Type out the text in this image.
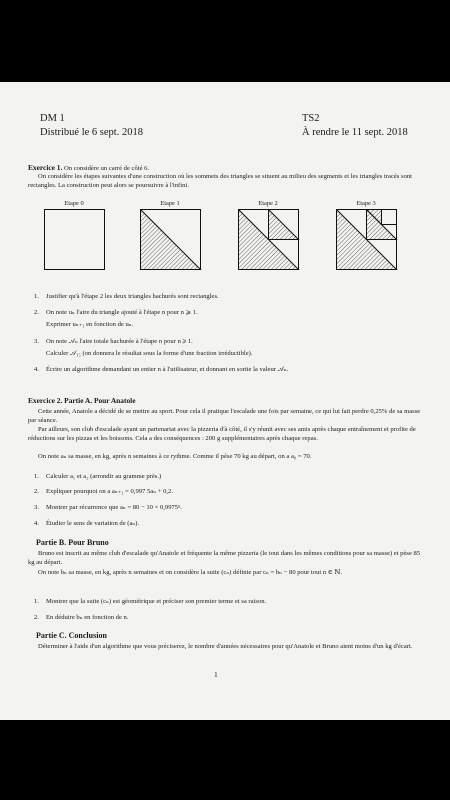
DM 1
Distribué le 6 sept. 2018
TS2
À rendre le 11 sept. 2018
Exercice 1. On considère un carré de côté 6.
On considère les étapes suivantes d'une construction où les sommets des triangles se situent au milieu des segments et les triangles tracés sont rectangles. La construction peut alors se poursuivre à l'infini.
Etape 0	Etape 1	Etape 2	Etape 3
1. Justifier qu'à l'étape 2 les deux triangles hachurés sont rectangles.
2. On note uₙ l'aire du triangle ajouté à l'étape n pour n ⩾ 1.
Exprimer uₙ₊₁ en fonction de uₙ.
3. On note 𝒜ₙ l'aire totale hachurée à l'étape n pour n ⩾ 1.
Calculer 𝒜₁₅ (on donnera le résultat sous la forme d'une fraction irréductible).
4. Écrire un algorithme demandant un entier n à l'utilisateur, et donnant en sortie la valeur 𝒜ₙ.
Exercice 2. Partie A. Pour Anatole
Cette année, Anatole a décidé de se mettre au sport. Pour cela il pratique l'escalade une fois par semaine, ce qui lui fait perdre 0,25% de sa masse par séance.
Par ailleurs, son club d'escalade ayant un partenariat avec la pizzeria d'à côté, il s'y réunit avec ses amis après chaque entraînement et profite de réductions sur les pizzas et les boissons. Cela a des conséquences : 200 g supplémentaires après chaque repas.
On note aₙ sa masse, en kg, après n semaines à ce rythme. Comme il pèse 70 kg au départ, on a a₀ = 70.
1. Calculer a₁ et a₂ (arrondir au gramme près.)
2. Expliquer pourquoi on a aₙ₊₁ = 0,997 5aₙ + 0,2.
3. Montrer par récurrence que aₙ = 80 − 10 × 0,9975ⁿ.
4. Étudier le sens de variation de (aₙ).
Partie B. Pour Bruno
Bruno est inscrit au même club d'escalade qu'Anatole et fréquente la même pizzeria (le tout dans les mêmes conditions pour sa masse) et pèse 85 kg au départ.
On note bₙ sa masse, en kg, après n semaines et on considère la suite (cₙ) définie par cₙ = bₙ − 80 pour tout n ∈ ℕ.
1. Montrer que la suite (cₙ) est géométrique et préciser son premier terme et sa raison.
2. En déduire bₙ en fonction de n.
Partie C. Conclusion
Déterminer à l'aide d'un algorithme que vous préciserez, le nombre d'années nécessaires pour qu'Anatole et Bruno aient moins d'un kg d'écart.
1
